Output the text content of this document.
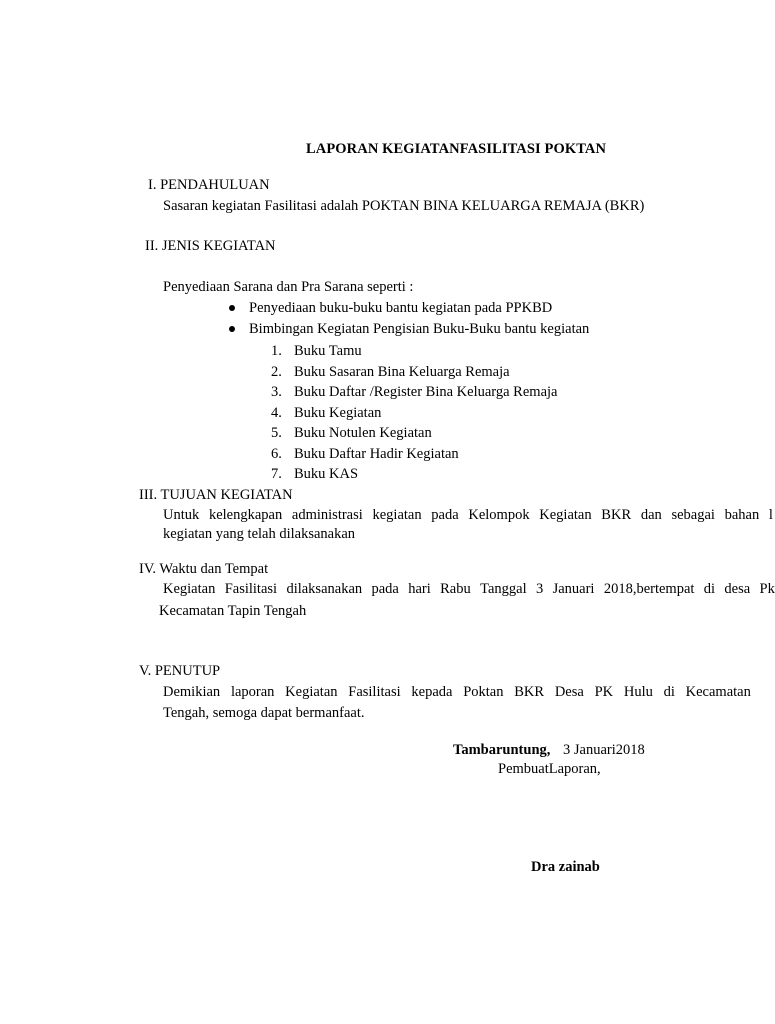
LAPORAN KEGIATANFASILITASI POKTAN
I. PENDAHULUAN
Sasaran kegiatan Fasilitasi adalah POKTAN BINA KELUARGA REMAJA (BKR)
II. JENIS KEGIATAN
Penyediaan Sarana dan Pra Sarana seperti :
Penyediaan buku-buku bantu kegiatan pada PPKBD
Bimbingan Kegiatan Pengisian Buku-Buku bantu kegiatan
1. Buku Tamu
2. Buku Sasaran Bina Keluarga Remaja
3. Buku Daftar /Register Bina Keluarga Remaja
4. Buku Kegiatan
5. Buku Notulen Kegiatan
6. Buku Daftar Hadir Kegiatan
7. Buku KAS
III. TUJUAN KEGIATAN
Untuk kelengkapan administrasi kegiatan pada Kelompok Kegiatan BKR dan sebagai bahan l
kegiatan yang telah dilaksanakan
IV. Waktu dan Tempat
Kegiatan Fasilitasi dilaksanakan pada hari Rabu Tanggal 3 Januari 2018,bertempat di desa Pk
Kecamatan Tapin Tengah
V. PENUTUP
Demikian laporan Kegiatan Fasilitasi kepada Poktan BKR Desa PK Hulu di Kecamatan
Tengah, semoga dapat bermanfaat.
Tambaruntung, 3 Januari2018
PembuatLaporan,
Dra zainab
